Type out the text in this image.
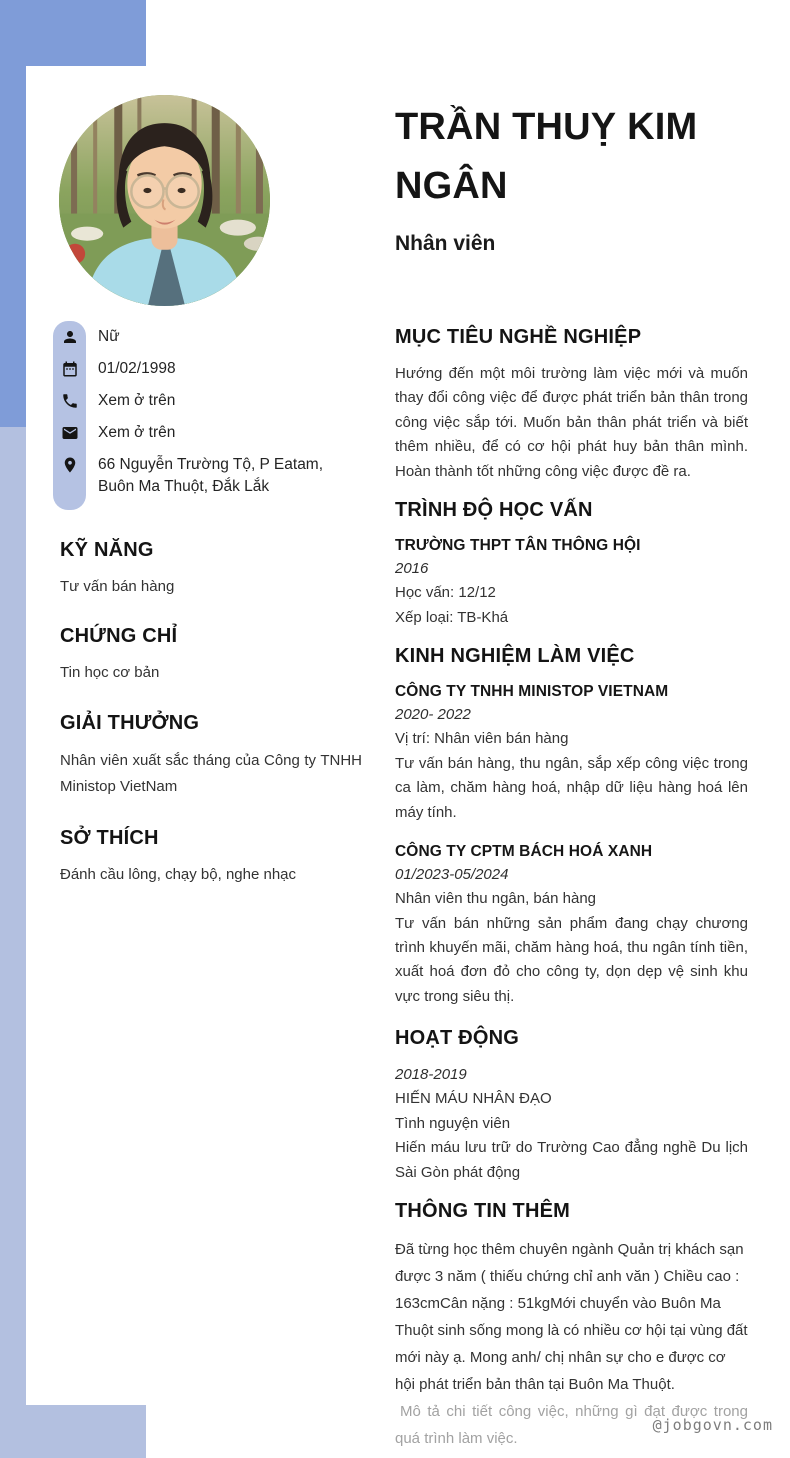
TRẦN THUỴ KIM NGÂN
Nhân viên
Nữ
01/02/1998
Xem ở trên
Xem ở trên
66 Nguyễn Trường Tộ, P Eatam, Buôn Ma Thuột, Đắk Lắk
KỸ NĂNG
Tư vấn bán hàng
CHỨNG CHỈ
Tin học cơ bản
GIẢI THƯỞNG
Nhân viên xuất sắc tháng của Công ty TNHH Ministop VietNam
SỞ THÍCH
Đánh cầu lông, chạy bộ, nghe nhạc
MỤC TIÊU NGHỀ NGHIỆP

Hướng đến một môi trường làm việc mới và muốn thay đổi công việc để được phát triển bản thân trong công việc sắp tới. Muốn bản thân phát triển và biết thêm nhiều, để có cơ hội phát huy bản thân mình. Hoàn thành tốt những công việc được đề ra.

TRÌNH ĐỘ HỌC VẤN
TRƯỜNG THPT TÂN THÔNG HỘI
2016
Học vấn: 12/12
Xếp loại: TB-Khá
KINH NGHIỆM LÀM VIỆC
CÔNG TY TNHH MINISTOP VIETNAM
2020- 2022
Vị trí: Nhân viên bán hàng

Tư vấn bán hàng, thu ngân, sắp xếp công việc trong ca làm, chăm hàng hoá, nhập dữ liệu hàng hoá lên máy tính.

CÔNG TY CPTM BÁCH HOÁ XANH
01/2023-05/2024
Nhân viên thu ngân, bán hàng

Tư vấn bán những sản phẩm đang chạy chương trình khuyến mãi, chăm hàng hoá, thu ngân tính tiền, xuất hoá đơn đỏ cho công ty, dọn dẹp vệ sinh khu vực trong siêu thị.

HOẠT ĐỘNG
2018-2019
HIẾN MÁU NHÂN ĐẠO
Tình nguyện viên

Hiến máu lưu trữ do Trường Cao đẳng nghề Du lịch Sài Gòn phát động

THÔNG TIN THÊM

Đã từng học thêm chuyên ngành Quản trị khách sạn được 3 năm ( thiếu chứng chỉ anh văn ) Chiều cao : 163cmCân nặng : 51kgMới chuyển vào Buôn Ma Thuột sinh sống mong là có nhiều cơ hội tại vùng đất mới này ạ. Mong anh/ chị nhân sự cho e được cơ hội phát triển bản thân tại Buôn Ma Thuột.

Mô tả chi tiết công việc, những gì đạt được trong quá trình làm việc.

@jobgovn.com
